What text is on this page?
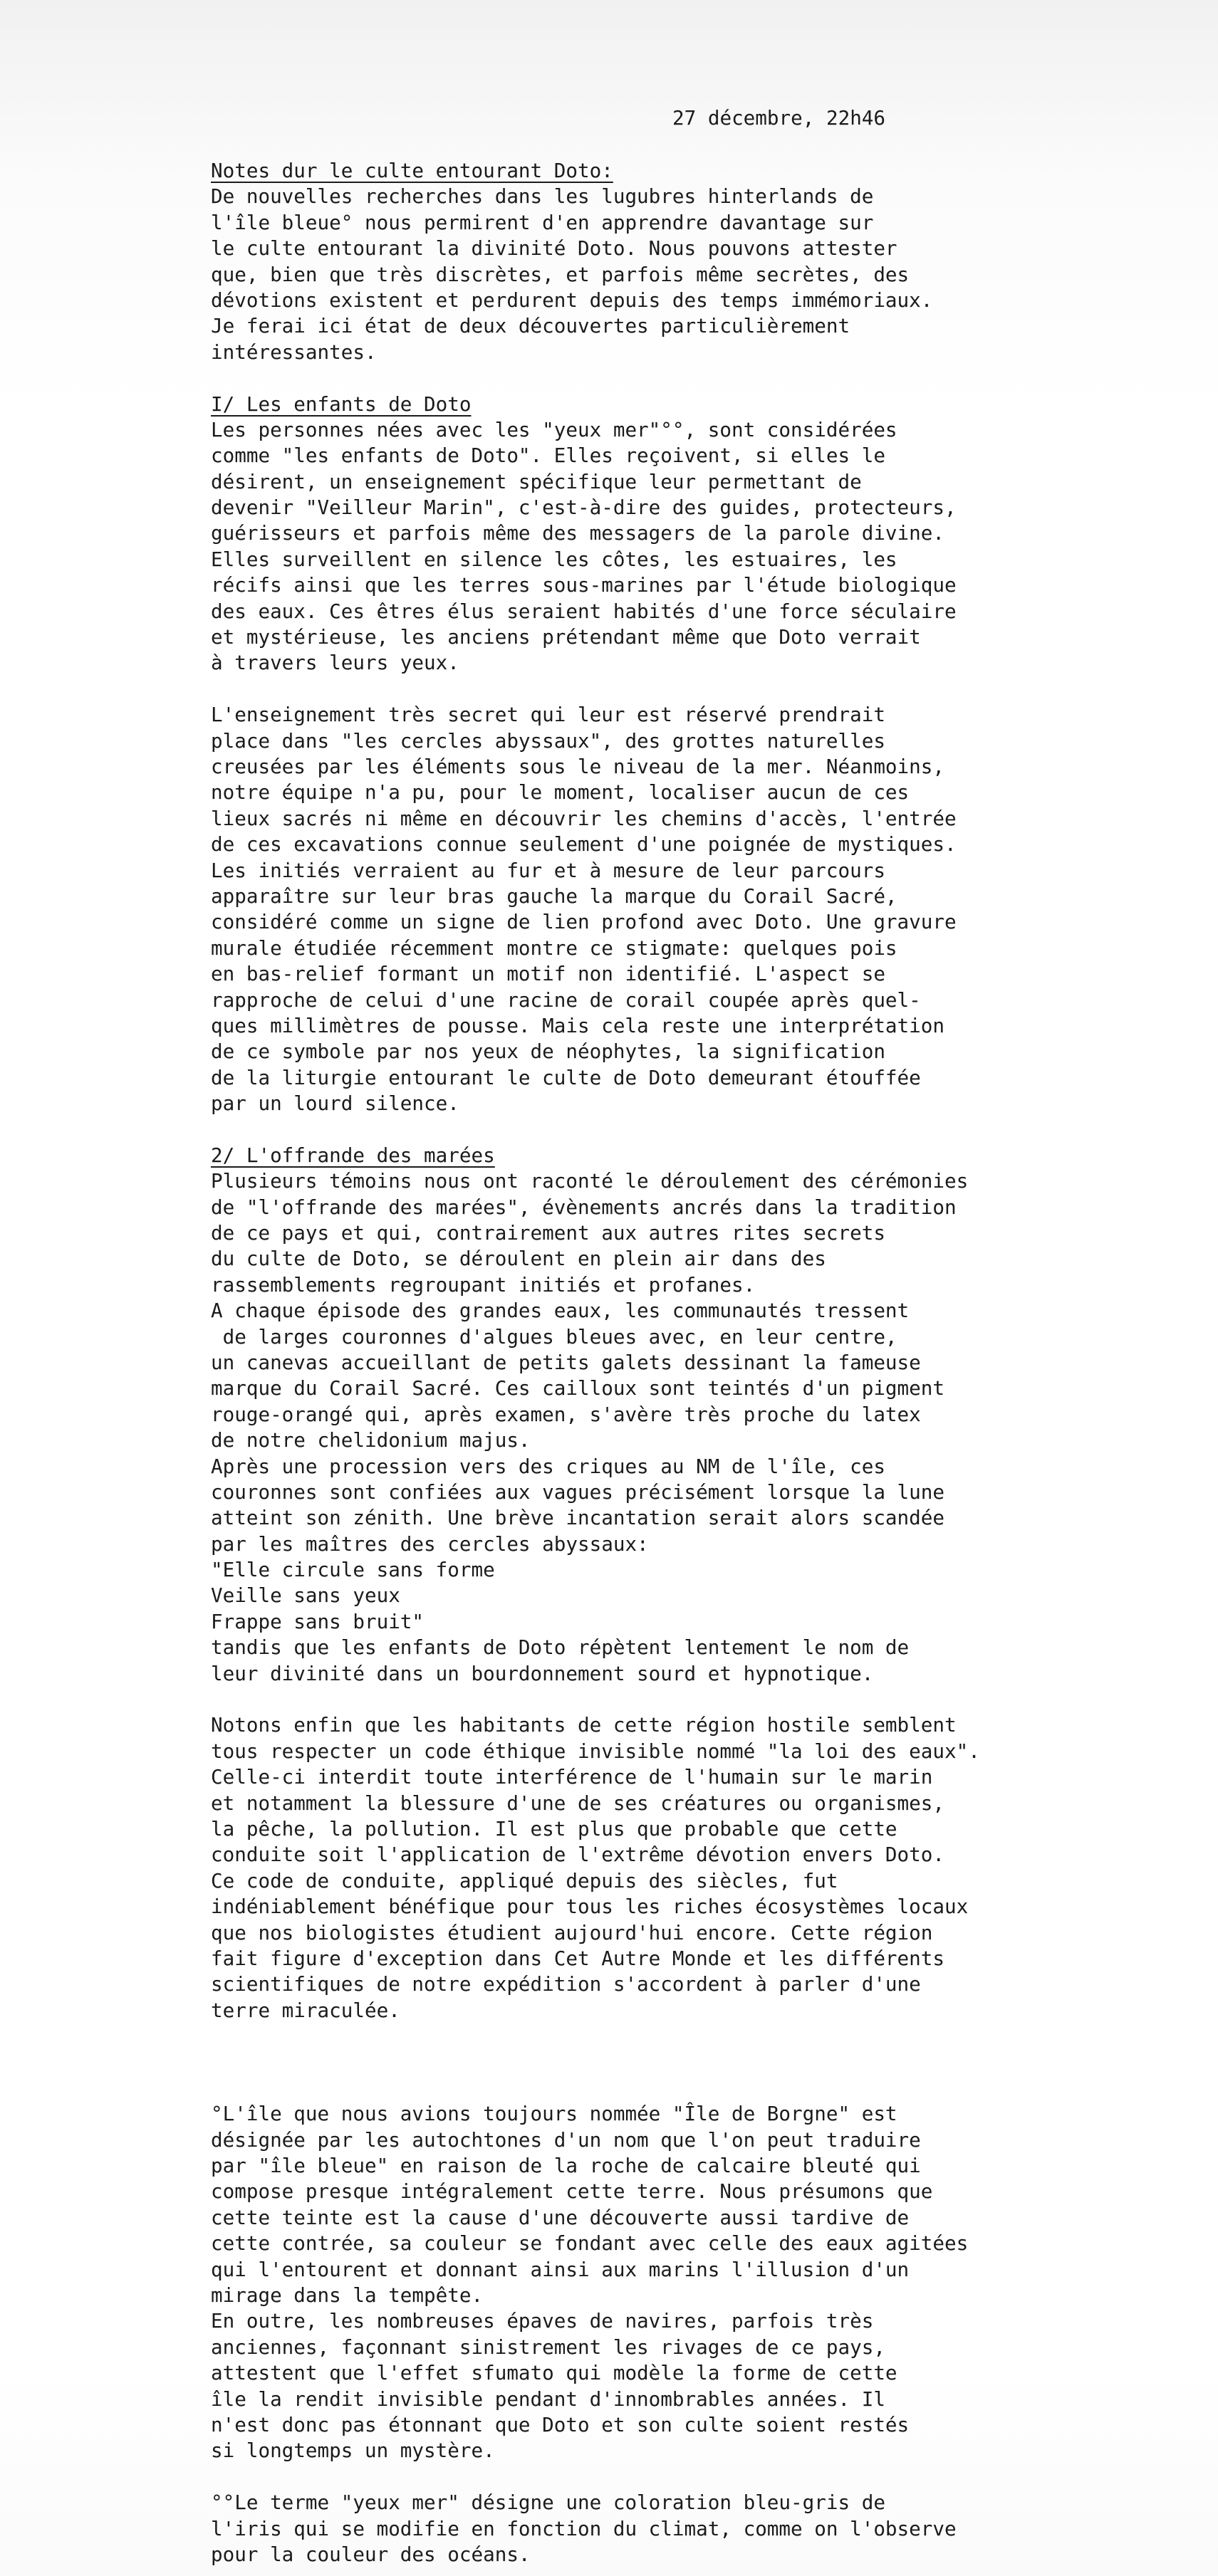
27 décembre, 22h46
Notes dur le culte entourant Doto:
De nouvelles recherches dans les lugubres hinterlands de
l'île bleue° nous permirent d'en apprendre davantage sur
le culte entourant la divinité Doto. Nous pouvons attester
que, bien que très discrètes, et parfois même secrètes, des
dévotions existent et perdurent depuis des temps immémoriaux.
Je ferai ici état de deux découvertes particulièrement
intéressantes.
I/ Les enfants de Doto
Les personnes nées avec les "yeux mer"°°, sont considérées
comme "les enfants de Doto". Elles reçoivent, si elles le
désirent, un enseignement spécifique leur permettant de
devenir "Veilleur Marin", c'est-à-dire des guides, protecteurs,
guérisseurs et parfois même des messagers de la parole divine.
Elles surveillent en silence les côtes, les estuaires, les
récifs ainsi que les terres sous-marines par l'étude biologique
des eaux. Ces êtres élus seraient habités d'une force séculaire
et mystérieuse, les anciens prétendant même que Doto verrait
à travers leurs yeux.
L'enseignement très secret qui leur est réservé prendrait
place dans "les cercles abyssaux", des grottes naturelles
creusées par les éléments sous le niveau de la mer. Néanmoins,
notre équipe n'a pu, pour le moment, localiser aucun de ces
lieux sacrés ni même en découvrir les chemins d'accès, l'entrée
de ces excavations connue seulement d'une poignée de mystiques.
Les initiés verraient au fur et à mesure de leur parcours
apparaître sur leur bras gauche la marque du Corail Sacré,
considéré comme un signe de lien profond avec Doto. Une gravure
murale étudiée récemment montre ce stigmate: quelques pois
en bas-relief formant un motif non identifié. L'aspect se
rapproche de celui d'une racine de corail coupée après quel-
ques millimètres de pousse. Mais cela reste une interprétation
de ce symbole par nos yeux de néophytes, la signification
de la liturgie entourant le culte de Doto demeurant étouffée
par un lourd silence.
2/ L'offrande des marées
Plusieurs témoins nous ont raconté le déroulement des cérémonies
de "l'offrande des marées", évènements ancrés dans la tradition
de ce pays et qui, contrairement aux autres rites secrets
du culte de Doto, se déroulent en plein air dans des
rassemblements regroupant initiés et profanes.
A chaque épisode des grandes eaux, les communautés tressent
de larges couronnes d'algues bleues avec, en leur centre,
un canevas accueillant de petits galets dessinant la fameuse
marque du Corail Sacré. Ces cailloux sont teintés d'un pigment
rouge-orangé qui, après examen, s'avère très proche du latex
de notre chelidonium majus.
Après une procession vers des criques au NM de l'île, ces
couronnes sont confiées aux vagues précisément lorsque la lune
atteint son zénith. Une brève incantation serait alors scandée
par les maîtres des cercles abyssaux:
"Elle circule sans forme
Veille sans yeux
Frappe sans bruit"
tandis que les enfants de Doto répètent lentement le nom de
leur divinité dans un bourdonnement sourd et hypnotique.
Notons enfin que les habitants de cette région hostile semblent
tous respecter un code éthique invisible nommé "la loi des eaux".
Celle-ci interdit toute interférence de l'humain sur le marin
et notamment la blessure d'une de ses créatures ou organismes,
la pêche, la pollution. Il est plus que probable que cette
conduite soit l'application de l'extrême dévotion envers Doto.
Ce code de conduite, appliqué depuis des siècles, fut
indéniablement bénéfique pour tous les riches écosystèmes locaux
que nos biologistes étudient aujourd'hui encore. Cette région
fait figure d'exception dans Cet Autre Monde et les différents
scientifiques de notre expédition s'accordent à parler d'une
terre miraculée.
°L'île que nous avions toujours nommée "Île de Borgne" est
désignée par les autochtones d'un nom que l'on peut traduire
par "île bleue" en raison de la roche de calcaire bleuté qui
compose presque intégralement cette terre. Nous présumons que
cette teinte est la cause d'une découverte aussi tardive de
cette contrée, sa couleur se fondant avec celle des eaux agitées
qui l'entourent et donnant ainsi aux marins l'illusion d'un
mirage dans la tempête.
En outre, les nombreuses épaves de navires, parfois très
anciennes, façonnant sinistrement les rivages de ce pays,
attestent que l'effet sfumato qui modèle la forme de cette
île la rendit invisible pendant d'innombrables années. Il
n'est donc pas étonnant que Doto et son culte soient restés
si longtemps un mystère.
°°Le terme "yeux mer" désigne une coloration bleu-gris de
l'iris qui se modifie en fonction du climat, comme on l'observe
pour la couleur des océans.
